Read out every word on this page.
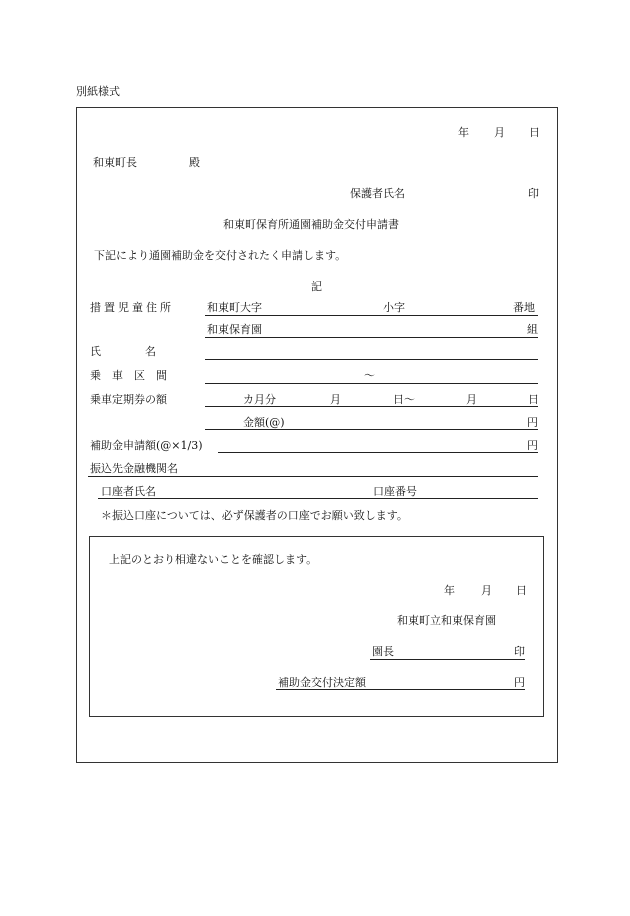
別紙様式
年 月 日
和東町長	殿
保護者氏名	印
和東町保育所通園補助金交付申請書
下記により通園補助金を交付されたく申請します。
記
措置児童住所	和東町大字	小字	番地
和東保育園	組
氏　　　　名
乗　車　区　間	～
乗車定期券の額	カ月分	月	日～	月	日
金額(@)	円
補助金申請額(@×1/3)	円
振込先金融機関名
口座者氏名	口座番号
＊振込口座については、必ず保護者の口座でお願い致します。
上記のとおり相違ないことを確認します。
年 月 日
和東町立和東保育園
園長	印
補助金交付決定額	円
